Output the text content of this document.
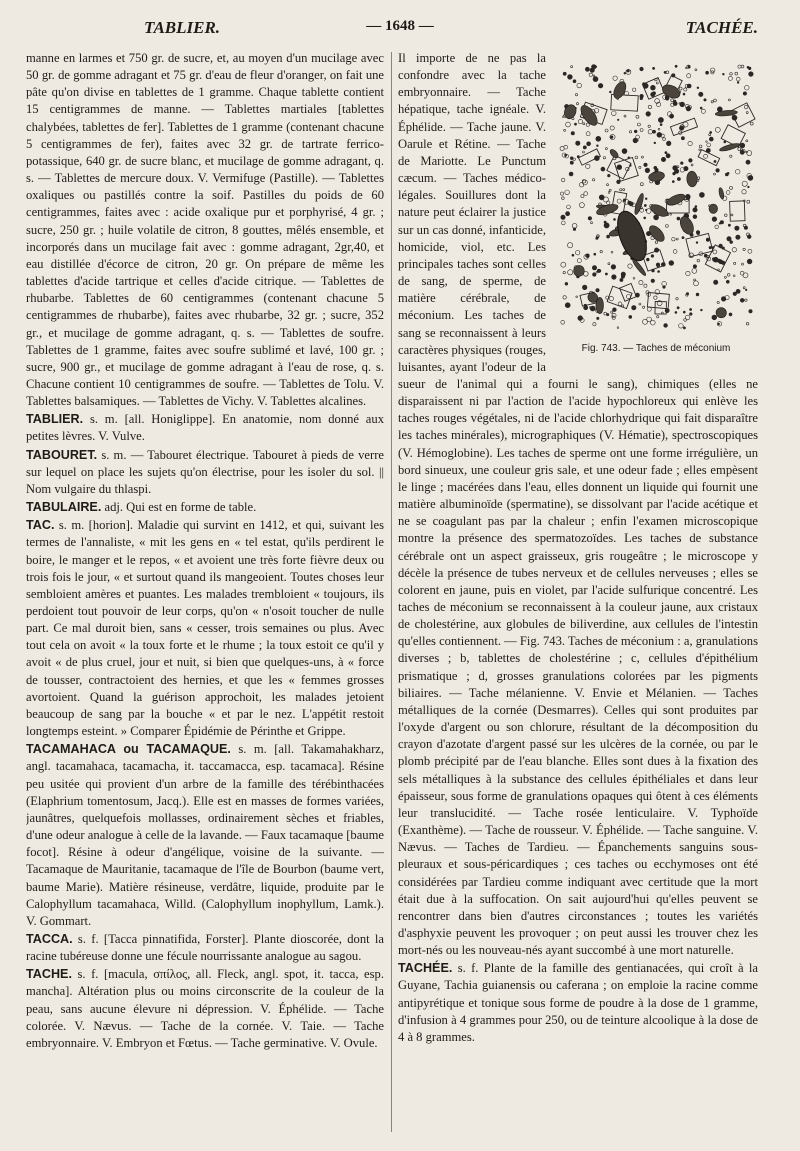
TABLIER.	— 1648 —	TACHÉE.

manne en larmes et 750 gr. de sucre, et, au moyen d'un mucilage avec 50 gr. de gomme adragant et 75 gr. d'eau de fleur d'oranger, on fait une pâte qu'on divise en tablettes de 1 gramme. Chaque tablette contient 15 centigrammes de manne. — Tablettes martiales [tablettes chalybées, tablettes de fer]. Tablettes de 1 gramme (contenant chacune 5 centigrammes de fer), faites avec 32 gr. de tartrate ferrico-potassique, 640 gr. de sucre blanc, et mucilage de gomme adragant, q. s. — Tablettes de mercure doux. V. Vermifuge (Pastille). — Tablettes oxaliques ou pastillés contre la soif. Pastilles du poids de 60 centigrammes, faites avec : acide oxalique pur et porphyrisé, 4 gr. ; sucre, 250 gr. ; huile volatile de citron, 8 gouttes, mêlés ensemble, et incorporés dans un mucilage fait avec : gomme adragant, 2gr,40, et eau distillée d'écorce de citron, 20 gr. On prépare de même les tablettes d'acide tartrique et celles d'acide citrique. — Tablettes de rhubarbe. Tablettes de 60 centigrammes (contenant chacune 5 centigrammes de rhubarbe), faites avec rhubarbe, 32 gr. ; sucre, 352 gr., et mucilage de gomme adragant, q. s. — Tablettes de soufre. Tablettes de 1 gramme, faites avec soufre sublimé et lavé, 100 gr. ; sucre, 900 gr., et mucilage de gomme adragant à l'eau de rose, q. s. Chacune contient 10 centigrammes de soufre. — Tablettes de Tolu. V. Tablettes balsamiques. — Tablettes de Vichy. V. Tablettes alcalines.

TABLIER. s. m. [all. Honiglippe]. En anatomie, nom donné aux petites lèvres. V. Vulve.

TABOURET. s. m. — Tabouret électrique. Tabouret à pieds de verre sur lequel on place les sujets qu'on électrise, pour les isoler du sol. || Nom vulgaire du thlaspi.

TABULAIRE. adj. Qui est en forme de table.

TAC. s. m. [horion]. Maladie qui survint en 1412, et qui, suivant les termes de l'annaliste, « mit les gens en « tel estat, qu'ils perdirent le boire, le manger et le repos, « et avoient une très forte fièvre deux ou trois fois le jour, « et surtout quand ils mangeoient. Toutes choses leur sembloient amères et puantes. Les malades trembloient « toujours, ils perdoient tout pouvoir de leur corps, qu'on « n'osoit toucher de nulle part. Ce mal duroit bien, sans « cesser, trois semaines ou plus. Avec tout cela on avoit « la toux forte et le rhume ; la toux estoit ce qu'il y avoit « de plus cruel, jour et nuit, si bien que quelques-uns, à « force de tousser, contractoient des hernies, et que les « femmes grosses avortoient. Quand la guérison approchoit, les malades jetoient beaucoup de sang par la bouche « et par le nez. L'appétit restoit longtemps esteint. » Comparer Épidémie de Périnthe et Grippe.

TACAMAHACA ou TACAMAQUE. s. m. [all. Takamahakharz, angl. tacamahaca, tacamacha, it. taccamacca, esp. tacamaca]. Résine peu usitée qui provient d'un arbre de la famille des térébinthacées (Elaphrium tomentosum, Jacq.). Elle est en masses de formes variées, jaunâtres, quelquefois mollasses, ordinairement sèches et friables, d'une odeur analogue à celle de la lavande. — Faux tacamaque [baume focot]. Résine à odeur d'angélique, voisine de la suivante. — Tacamaque de Mauritanie, tacamaque de l'île de Bourbon (baume vert, baume Marie). Matière résineuse, verdâtre, liquide, produite par le Calophyllum tacamahaca, Willd. (Calophyllum inophyllum, Lamk.). V. Gommart.

TACCA. s. f. [Tacca pinnatifida, Forster]. Plante dioscorée, dont la racine tubéreuse donne une fécule nourrissante analogue au sagou.

TACHE. s. f. [macula, σπίλος, all. Fleck, angl. spot, it. tacca, esp. mancha]. Altération plus ou moins circonscrite de la couleur de la peau, sans aucune élevure ni dépression. V. Éphélide. — Tache colorée. V. Nævus. — Tache de la cornée. V. Taie. — Tache embryonnaire. V. Embryon et Fœtus. — Tache germinative. V. Ovule.

Fig. 743. — Taches de méconium

Il importe de ne pas la confondre avec la tache embryonnaire. — Tache hépatique, tache ignéale. V. Éphélide. — Tache jaune. V. Oarule et Rétine. — Tache de Mariotte. Le Punctum cæcum. — Taches médico-légales. Souillures dont la nature peut éclairer la justice sur un cas donné, infanticide, homicide, viol, etc. Les principales taches sont celles de sang, de sperme, de matière cérébrale, de méconium. Les taches de sang se reconnaissent à leurs caractères physiques (rouges, luisantes, ayant l'odeur de la sueur de l'animal qui a fourni le sang), chimiques (elles ne disparaissent ni par l'action de l'acide hypochloreux qui enlève les taches rouges végétales, ni de l'acide chlorhydrique qui fait disparaître les taches minérales), micrographiques (V. Hématie), spectroscopiques (V. Hémoglobine). Les taches de sperme ont une forme irrégulière, un bord sinueux, une couleur gris sale, et une odeur fade ; elles empèsent le linge ; macérées dans l'eau, elles donnent un liquide qui fournit une matière albuminoïde (spermatine), se dissolvant par l'acide acétique et ne se coagulant pas par la chaleur ; enfin l'examen microscopique montre la présence des spermatozoïdes. Les taches de substance cérébrale ont un aspect graisseux, gris rougeâtre ; le microscope y décèle la présence de tubes nerveux et de cellules nerveuses ; elles se colorent en jaune, puis en violet, par l'acide sulfurique concentré. Les taches de méconium se reconnaissent à la couleur jaune, aux cristaux de cholestérine, aux globules de biliverdine, aux cellules de l'intestin qu'elles contiennent. — Fig. 743. Taches de méconium : a, granulations diverses ; b, tablettes de cholestérine ; c, cellules d'épithélium prismatique ; d, grosses granulations colorées par les pigments biliaires. — Tache mélanienne. V. Envie et Mélanien. — Taches métalliques de la cornée (Desmarres). Celles qui sont produites par l'oxyde d'argent ou son chlorure, résultant de la décomposition du crayon d'azotate d'argent passé sur les ulcères de la cornée, ou par le plomb précipité par de l'eau blanche. Elles sont dues à la fixation des sels métalliques à la substance des cellules épithéliales et dans leur épaisseur, sous forme de granulations opaques qui ôtent à ces éléments leur translucidité. — Tache rosée lenticulaire. V. Typhoïde (Exanthème). — Tache de rousseur. V. Éphélide. — Tache sanguine. V. Nævus. — Taches de Tardieu. — Épanchements sanguins sous-pleuraux et sous-péricardiques ; ces taches ou ecchymoses ont été considérées par Tardieu comme indiquant avec certitude que la mort était due à la suffocation. On sait aujourd'hui qu'elles peuvent se rencontrer dans bien d'autres circonstances ; toutes les variétés d'asphyxie peuvent les provoquer ; on peut aussi les trouver chez les mort-nés ou les nouveau-nés ayant succombé à une mort naturelle.

TACHÉE. s. f. Plante de la famille des gentianacées, qui croît à la Guyane, Tachia guianensis ou caferana ; on emploie la racine comme antipyrétique et tonique sous forme de poudre à la dose de 1 gramme, d'infusion à 4 grammes pour 250, ou de teinture alcoolique à la dose de 4 à 8 grammes.
